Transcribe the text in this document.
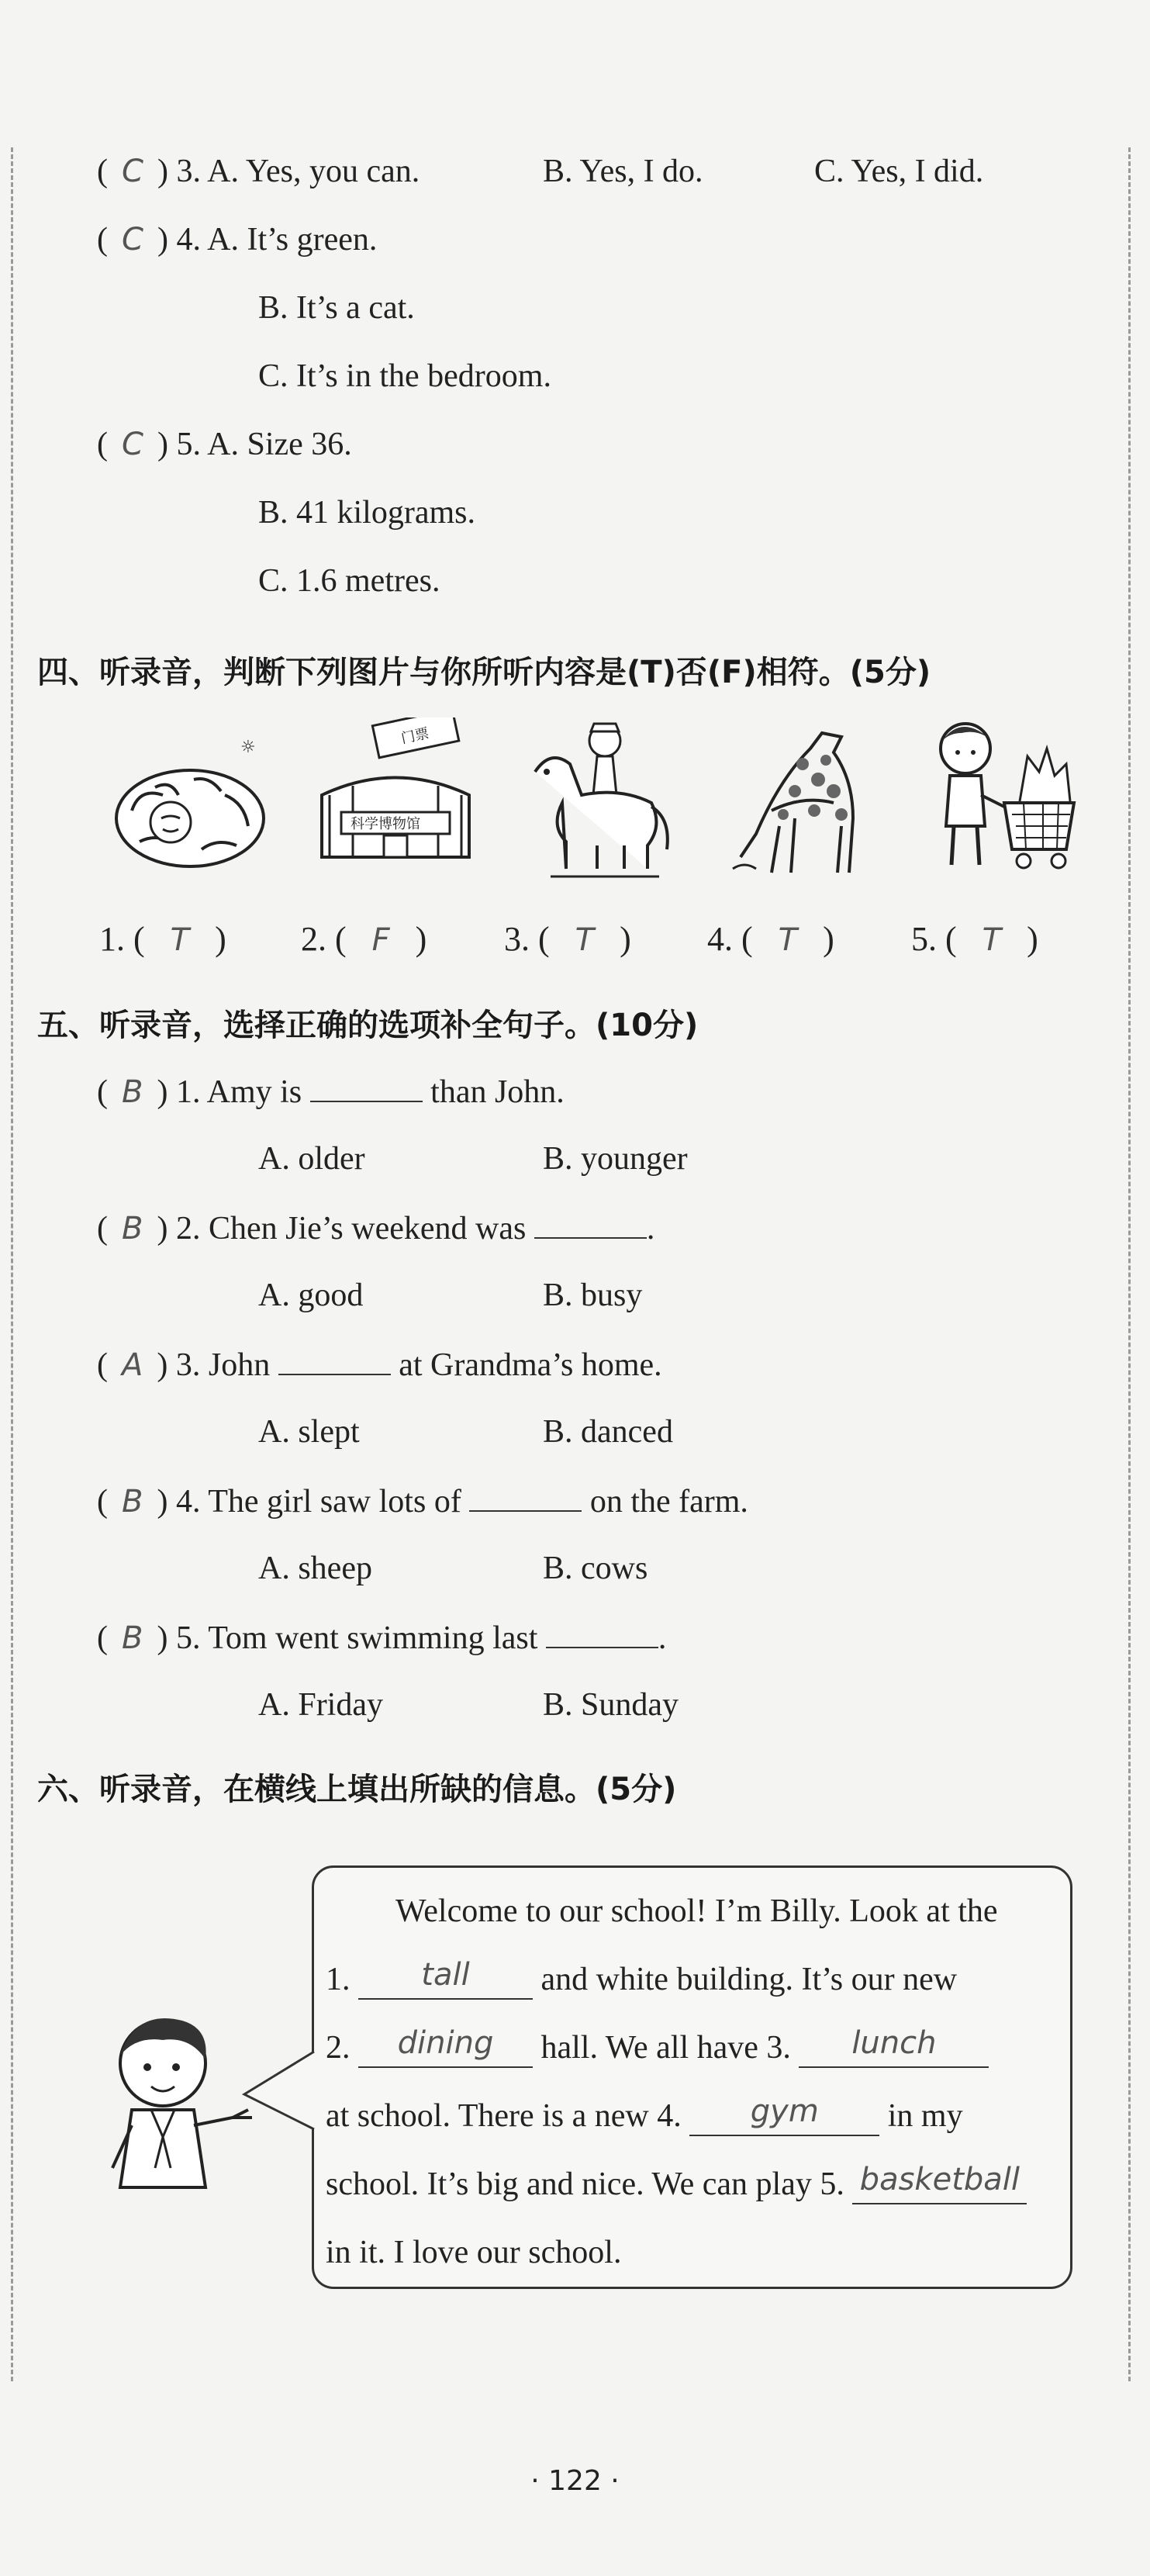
( C ) 3. A. Yes, you can.	B. Yes, I do.	C. Yes, I did.
( C ) 4. A. It’s green.
B. It’s a cat.
C. It’s in the bedroom.
( C ) 5. A. Size 36.
B. 41 kilograms.
C. 1.6 metres.
四、听录音，判断下列图片与你所听内容是(T)否(F)相符。(5分)
☼
门票
科学博物馆
1. ( T ) 2. ( F ) 3. ( T ) 4. ( T ) 5. ( T )
五、听录音，选择正确的选项补全句子。(10分)
( B ) 1. Amy is	than John.
A. older	B. younger
( B ) 2. Chen Jie’s weekend was	.
A. good	B. busy
( A ) 3. John	at Grandma’s home.
A. slept	B. danced
( B ) 4. The girl saw lots of	on the farm.
A. sheep	B. cows
( B ) 5. Tom went swimming last	.
A. Friday	B. Sunday
六、听录音，在横线上填出所缺的信息。(5分)
Welcome to our school! I’m Billy. Look at the
1. tall and white building. It’s our new
2. dining hall. We all have 3. lunch
at school. There is a new 4. gym in my
school. It’s big and nice. We can play 5. basketball
in it. I love our school.
· 122 ·
